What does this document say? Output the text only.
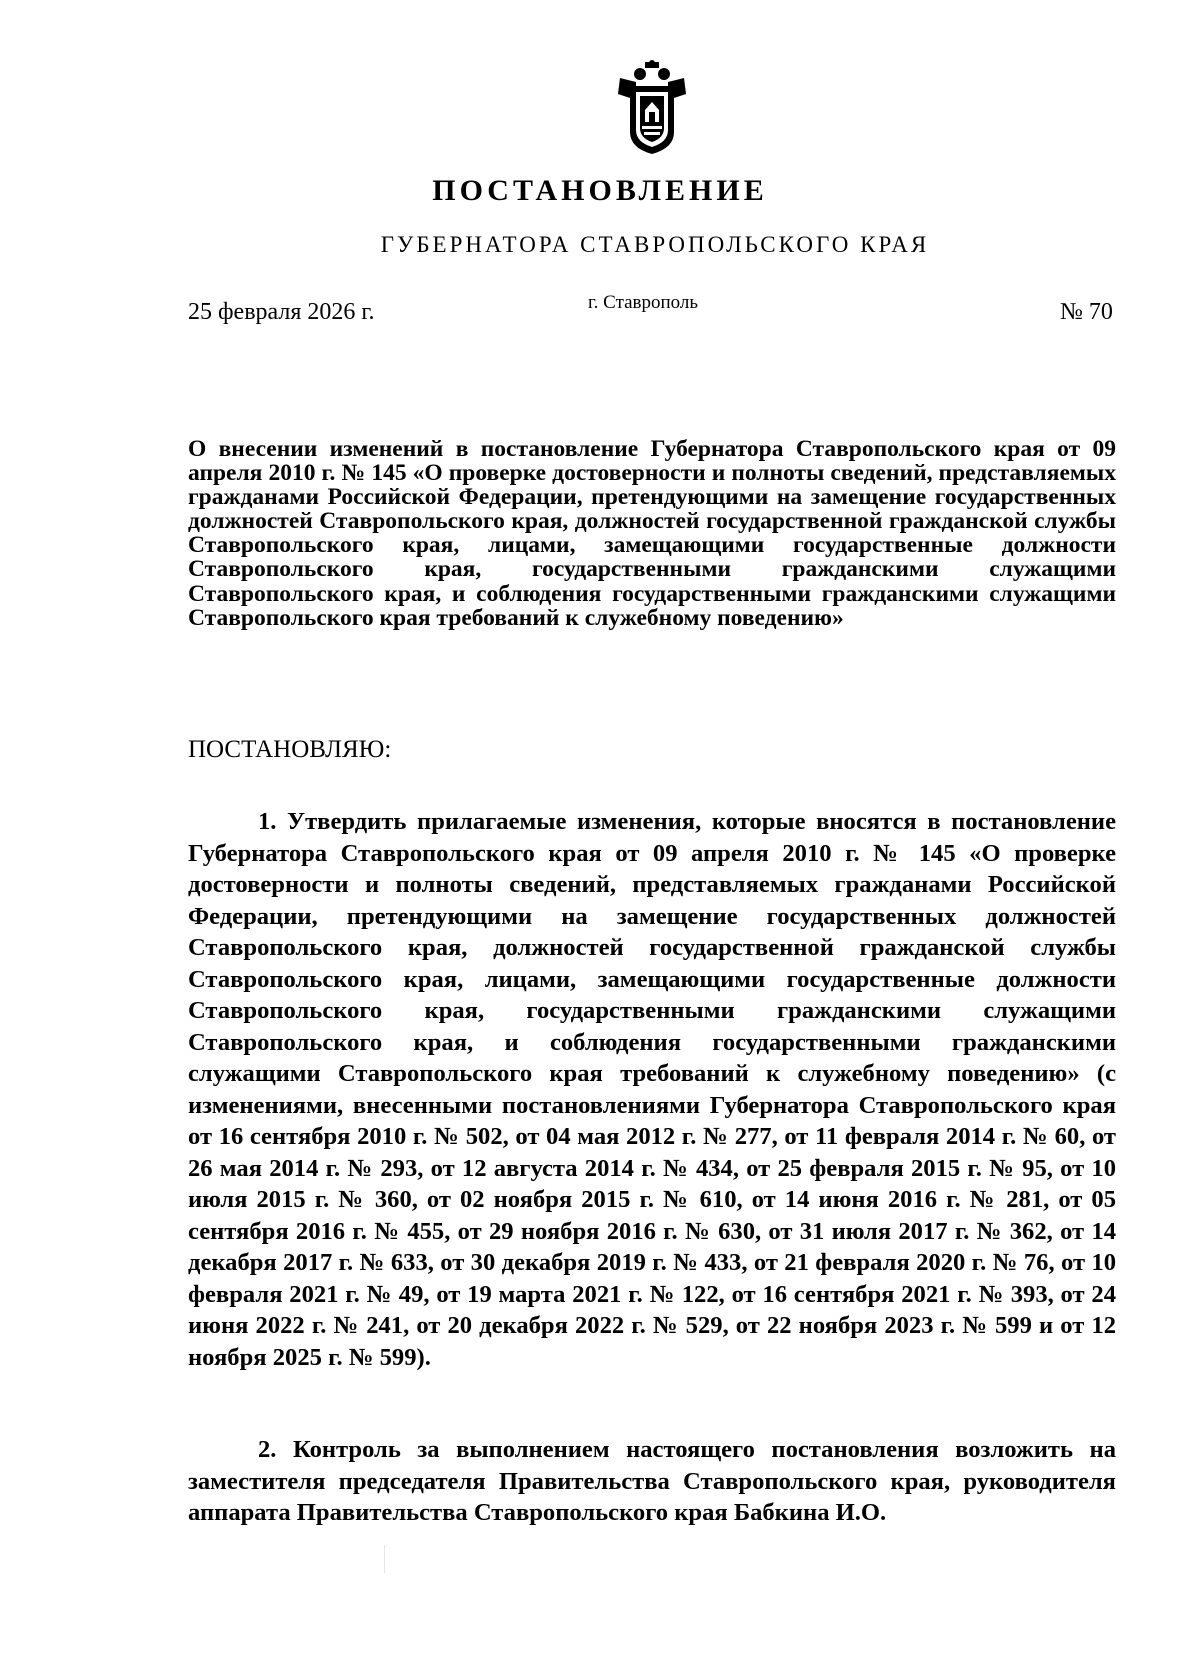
ПОСТАНОВЛЕНИЕ
ГУБЕРНАТОРА СТАВРОПОЛЬСКОГО КРАЯ
25 февраля 2026 г.	г. Ставрополь	№ 70
О внесении изменений в постановление Губернатора Ставропольского края от 09 апреля 2010 г. № 145 «О проверке достоверности и полноты сведений, представляемых гражданами Российской Федерации, претендующими на замещение государственных должностей Ставропольского края, должностей государственной гражданской службы Ставропольского края, лицами, замещающими государственные должности Ставропольского края, государственными гражданскими служащими Ставропольского края, и соблюдения государственными гражданскими служащими Ставропольского края требований к служебному поведению»
ПОСТАНОВЛЯЮ:
1. Утвердить прилагаемые изменения, которые вносятся в постановление Губернатора Ставропольского края от 09 апреля 2010 г. № 145 «О проверке достоверности и полноты сведений, представляемых гражданами Российской Федерации, претендующими на замещение государственных должностей Ставропольского края, должностей государственной гражданской службы Ставропольского края, лицами, замещающими государственные должности Ставропольского края, государственными гражданскими служащими Ставропольского края, и соблюдения государственными гражданскими служащими Ставропольского края требований к служебному поведению» (с изменениями, внесенными постановлениями Губернатора Ставропольского края от 16 сентября 2010 г. № 502, от 04 мая 2012 г. № 277, от 11 февраля 2014 г. № 60, от 26 мая 2014 г. № 293, от 12 августа 2014 г. № 434, от 25 февраля 2015 г. № 95, от 10 июля 2015 г. № 360, от 02 ноября 2015 г. № 610, от 14 июня 2016 г. № 281, от 05 сентября 2016 г. № 455, от 29 ноября 2016 г. № 630, от 31 июля 2017 г. № 362, от 14 декабря 2017 г. № 633, от 30 декабря 2019 г. № 433, от 21 февраля 2020 г. № 76, от 10 февраля 2021 г. № 49, от 19 марта 2021 г. № 122, от 16 сентября 2021 г. № 393, от 24 июня 2022 г. № 241, от 20 декабря 2022 г. № 529, от 22 ноября 2023 г. № 599 и от 12 ноября 2025 г. № 599).
2. Контроль за выполнением настоящего постановления возложить на заместителя председателя Правительства Ставропольского края, руководителя аппарата Правительства Ставропольского края Бабкина И.О.
